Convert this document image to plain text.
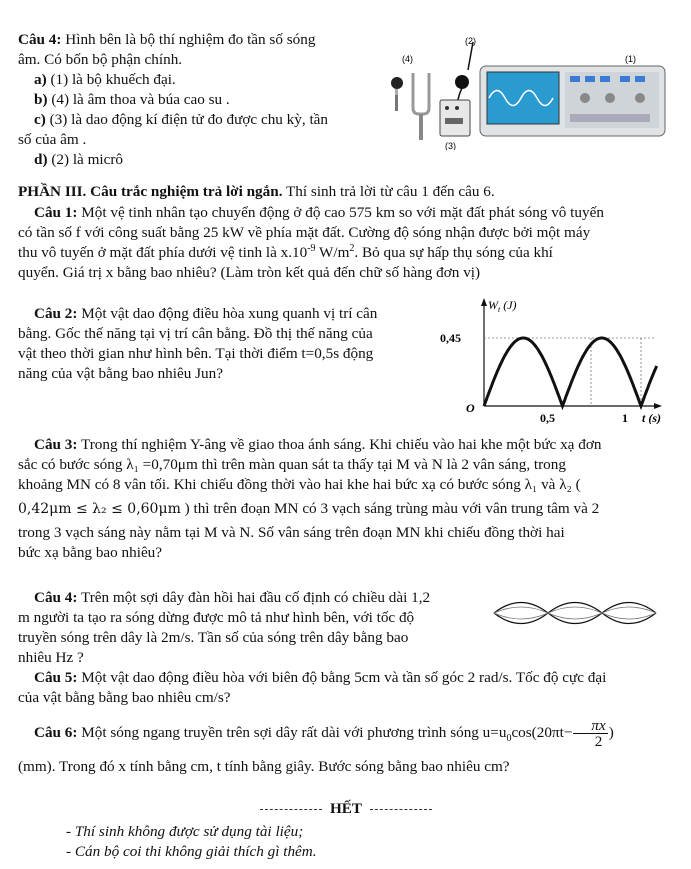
Câu 4: Hình bên là bộ thí nghiệm đo tần số sóng

âm. Có bốn bộ phận chính.

a) (1) là bộ khuếch đại.

b) (4) là âm thoa và búa cao su .

c) (3) là dao động kí điện tử đo được chu kỳ, tần

số của âm .

d) (2) là micrô

(4)
(2)
(1)
(3)

PHẦN III. Câu trắc nghiệm trả lời ngắn. Thí sinh trả lời từ câu 1 đến câu 6.

Câu 1: Một vệ tinh nhân tạo chuyển động ở độ cao 575 km so với mặt đất phát sóng vô tuyến

có tần số f với công suất bằng 25 kW về phía mặt đất. Cường độ sóng nhận được bởi một máy

thu vô tuyến ở mặt đất phía dưới vệ tinh là $x.10^{-9}$ $W/m^2$. Bỏ qua sự hấp thụ sóng của khí

quyển. Giá trị x bằng bao nhiêu? (Làm tròn kết quả đến chữ số hàng đơn vị)

Câu 2: Một vật dao động điều hòa xung quanh vị trí cân

bằng. Gốc thế năng tại vị trí cân bằng. Đồ thị thế năng của

vật theo thời gian như hình bên. Tại thời điểm t=0,5s động

năng của vật bằng bao nhiêu Jun?

$W_t$ (J)
0,45
O
0,5	1 t (s)

Câu 3: Trong thí nghiệm Y-âng về giao thoa ánh sáng. Khi chiếu vào hai khe một bức xạ đơn

sắc có bước sóng λ₁ =0,70μm thì trên màn quan sát ta thấy tại M và N là 2 vân sáng, trong

khoảng MN có 8 vân tối. Khi chiếu đồng thời vào hai khe hai bức xạ có bước sóng λ₁ và λ₂ (

0,42μm ≤ λ₂ ≤ 0,60μm ) thì trên đoạn MN có 3 vạch sáng trùng màu với vân trung tâm và 2

trong 3 vạch sáng này nằm tại M và N. Số vân sáng trên đoạn MN khi chiếu đồng thời hai

bức xạ bằng bao nhiêu?

Câu 4: Trên một sợi dây đàn hồi hai đầu cố định có chiều dài 1,2

m người ta tạo ra sóng dừng được mô tả như hình bên, với tốc độ

truyền sóng trên dây là 2m/s. Tần số của sóng trên dây bằng bao

nhiêu Hz ?

Câu 5: Một vật dao động điều hòa với biên độ bằng 5cm và tần số góc 2 rad/s. Tốc độ cực đại

của vật bằng bằng bao nhiêu cm/s?

Câu 6: Một sóng ngang truyền trên sợi dây rất dài với phương trình sóng $u=u_0\cos(20\pi t- \frac{\pi x}{2}$ )

(mm). Trong đó x tính bằng cm, t tính bằng giây. Bước sóng bằng bao nhiêu cm?

HẾT

- Thí sinh không được sử dụng tài liệu;

- Cán bộ coi thi không giải thích gì thêm.
